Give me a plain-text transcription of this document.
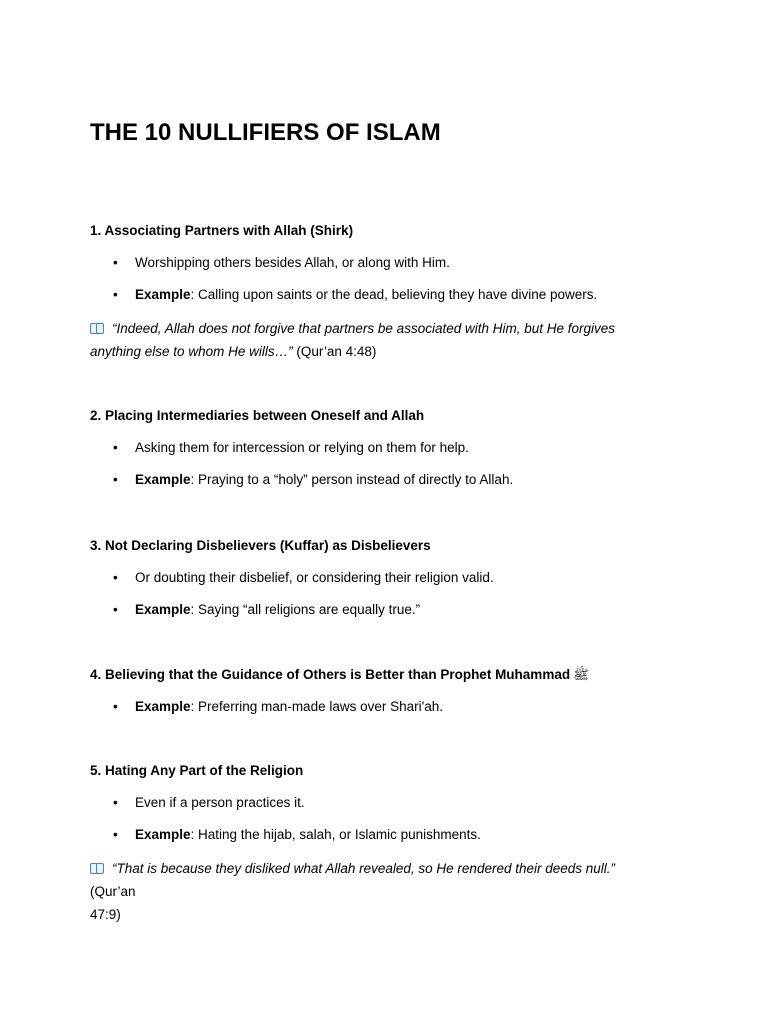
THE 10 NULLIFIERS OF ISLAM

1. Associating Partners with Allah (Shirk)

• Worshipping others besides Allah, or along with Him.
• Example: Calling upon saints or the dead, believing they have divine powers.
“Indeed, Allah does not forgive that partners be associated with Him, but He forgives
anything else to whom He wills…” (Qur’an 4:48)

2. Placing Intermediaries between Oneself and Allah

• Asking them for intercession or relying on them for help.
• Example: Praying to a “holy” person instead of directly to Allah.

3. Not Declaring Disbelievers (Kuffar) as Disbelievers

• Or doubting their disbelief, or considering their religion valid.
• Example: Saying “all religions are equally true.”

4. Believing that the Guidance of Others is Better than Prophet Muhammad ﷺ

• Example: Preferring man-made laws over Shari'ah.

5. Hating Any Part of the Religion

• Even if a person practices it.
• Example: Hating the hijab, salah, or Islamic punishments.
“That is because they disliked what Allah revealed, so He rendered their deeds null.” (Qur’an
47:9)
